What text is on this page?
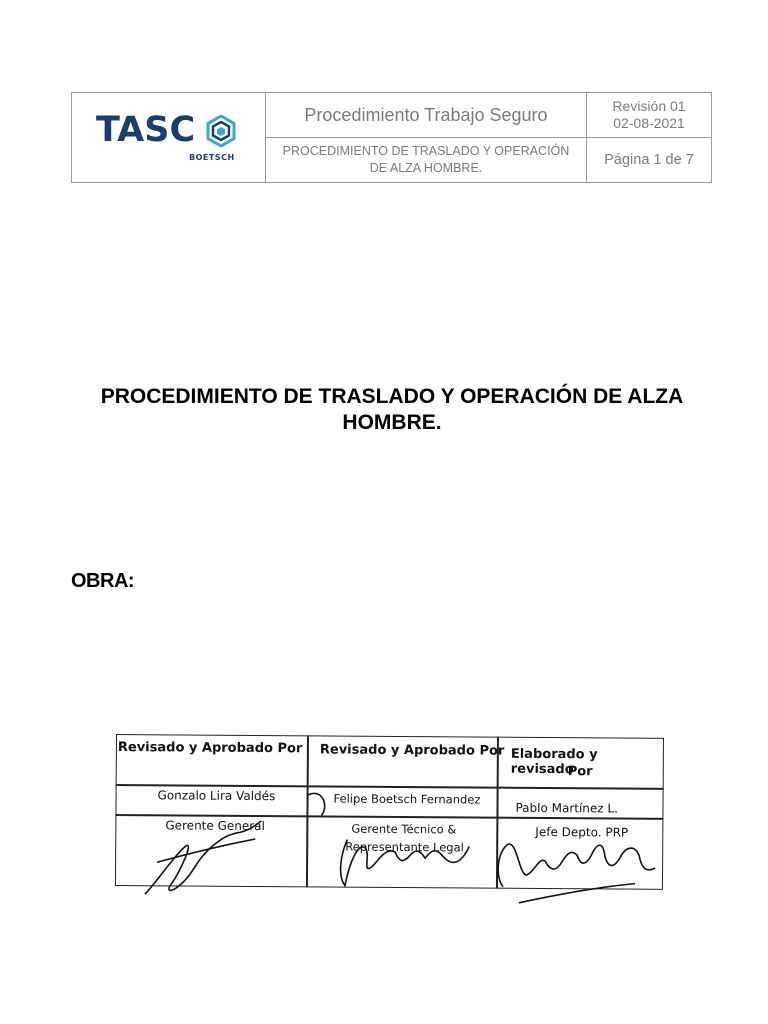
TASC
BOETSCH
Procedimiento Trabajo Seguro
PROCEDIMIENTO DE TRASLADO Y OPERACIÓN DE ALZA HOMBRE.
Revisión 01
02-08-2021
Página 1 de 7
PROCEDIMIENTO DE TRASLADO Y OPERACIÓN DE ALZA HOMBRE.
OBRA:
Revisado y Aprobado Por Revisado y Aprobado Por Elaborado y revisado
Por
Gonzalo Lira Valdés	Felipe Boetsch Fernandez
Pablo Martínez L.
Gerente General	Gerente Técnico &
Representante Legal
Jefe Depto. PRP
